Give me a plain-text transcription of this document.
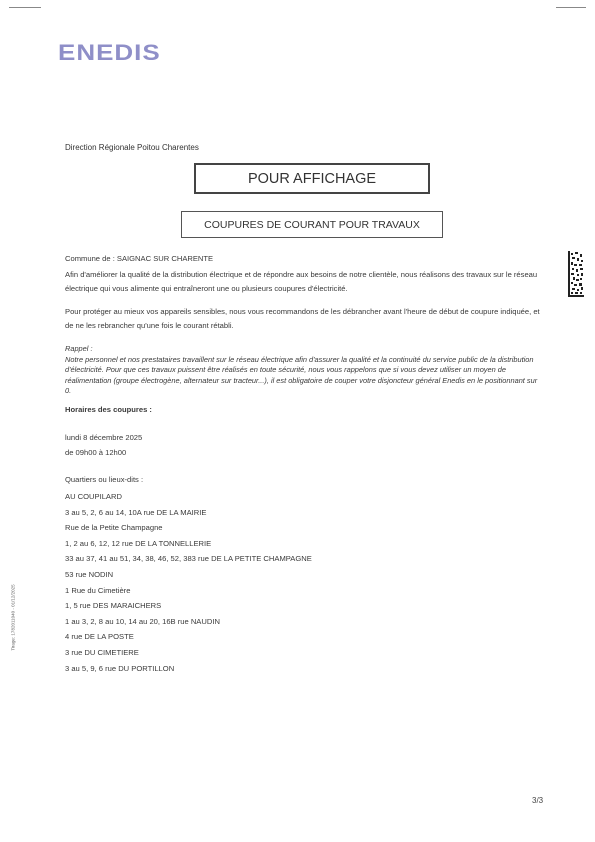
ENEDIS
Direction Régionale Poitou Charentes
POUR AFFICHAGE
COUPURES DE COURANT POUR TRAVAUX
Commune de : SAIGNAC SUR CHARENTE
Afin d'améliorer la qualité de la distribution électrique et de répondre aux besoins de notre clientèle, nous réalisons des travaux sur le réseau électrique qui vous alimente qui entraîneront une ou plusieurs coupures d'électricité.
Pour protéger au mieux vos appareils sensibles, nous vous recommandons de les débrancher avant l'heure de début de coupure indiquée, et de ne les rebrancher qu'une fois le courant rétabli.
Rappel :
Notre personnel et nos prestataires travaillent sur le réseau électrique afin d'assurer la qualité et la continuité du service public de la distribution d'électricité. Pour que ces travaux puissent être réalisés en toute sécurité, nous vous rappelons que si vous devez utiliser un moyen de réalimentation (groupe électrogène, alternateur sur tracteur...), il est obligatoire de couper votre disjoncteur général Enedis en le positionnant sur 0.
Horaires des coupures :
lundi 8 décembre 2025
de 09h00 à 12h00
Quartiers ou lieux-dits :
AU COUPILARD
3 au 5, 2, 6 au 14, 10A rue DE LA MAIRIE
Rue de la Petite Champagne
1, 2 au 6, 12, 12 rue DE LA TONNELLERIE
33 au 37, 41 au 51, 34, 38, 46, 52, 383 rue DE LA PETITE CHAMPAGNE
53 rue NODIN
1 Rue du Cimetière
1, 5 rue DES MARAICHERS
1 au 3, 2, 8 au 10, 14 au 20, 16B rue NAUDIN
4 rue DE LA POSTE
3 rue DU CIMETIERE
3 au 5, 9, 6 rue DU PORTILLON
Tirage: 1782011040 - 01/12/2025
3/3
